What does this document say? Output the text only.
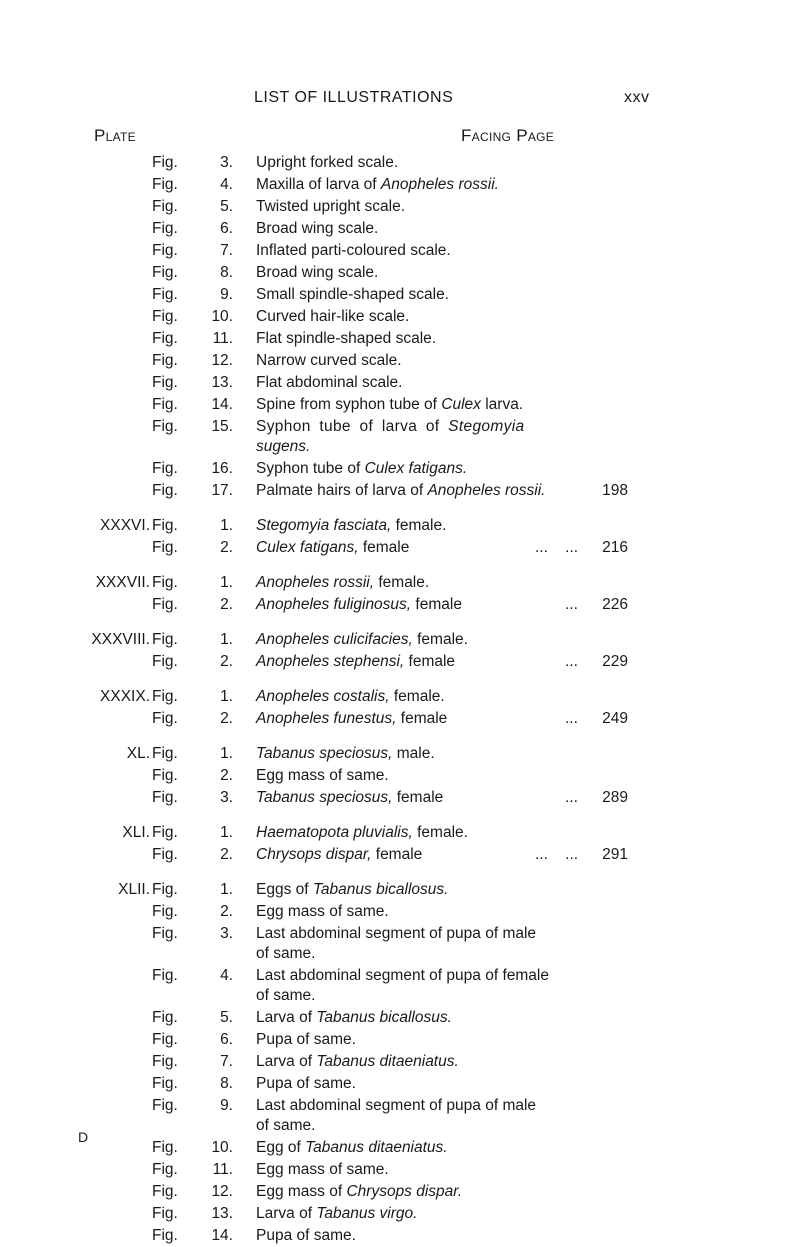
LIST OF ILLUSTRATIONS	xxv
Plate	Facing Page
Fig.	3. Upright forked scale.
Fig.	4. Maxilla of larva of Anopheles rossii.
Fig.	5. Twisted upright scale.
Fig.	6. Broad wing scale.
Fig.	7. Inflated parti-coloured scale.
Fig.	8. Broad wing scale.
Fig.	9. Small spindle-shaped scale.
Fig. 10. Curved hair-like scale.
Fig. 11. Flat spindle-shaped scale.
Fig. 12. Narrow curved scale.
Fig. 13. Flat abdominal scale.
Fig. 14. Spine from syphon tube of Culex larva.
Fig. 15. Syphon tube of larva of Stegomyia
sugens.
Fig. 16. Syphon tube of Culex fatigans.
Fig. 17. Palmate hairs of larva of Anopheles rossii.	198
XXXVI. Fig.	1. Stegomyia fasciata, female.
Fig.	2. Culex fatigans, female	...    ... 216
XXXVII. Fig.	1. Anopheles rossii, female.
Fig.	2. Anopheles fuliginosus, female	... 226
XXXVIII. Fig.	1. Anopheles culicifacies, female.
Fig.	2. Anopheles stephensi, female	... 229
XXXIX. Fig.	1. Anopheles costalis, female.
Fig.	2. Anopheles funestus, female	... 249
XL. Fig.	1. Tabanus speciosus, male.
Fig.	2. Egg mass of same.
Fig.	3. Tabanus speciosus, female	... 289
XLI. Fig.	1. Haematopota pluvialis, female.
Fig.	2. Chrysops dispar, female	...    ... 291
XLII. Fig.	1. Eggs of Tabanus bicallosus.
Fig.	2. Egg mass of same.
Fig.	3. Last abdominal segment of pupa of male
of same.
Fig.	4. Last abdominal segment of pupa of female
of same.
Fig.	5. Larva of Tabanus bicallosus.
Fig.	6. Pupa of same.
Fig.	7. Larva of Tabanus ditaeniatus.
Fig.	8. Pupa of same.
Fig.	9. Last abdominal segment of pupa of male
of same.
Fig. 10. Egg of Tabanus ditaeniatus.
Fig. 11. Egg mass of same.
Fig. 12. Egg mass of Chrysops dispar.
Fig. 13. Larva of Tabanus virgo.
Fig. 14. Pupa of same.
D
